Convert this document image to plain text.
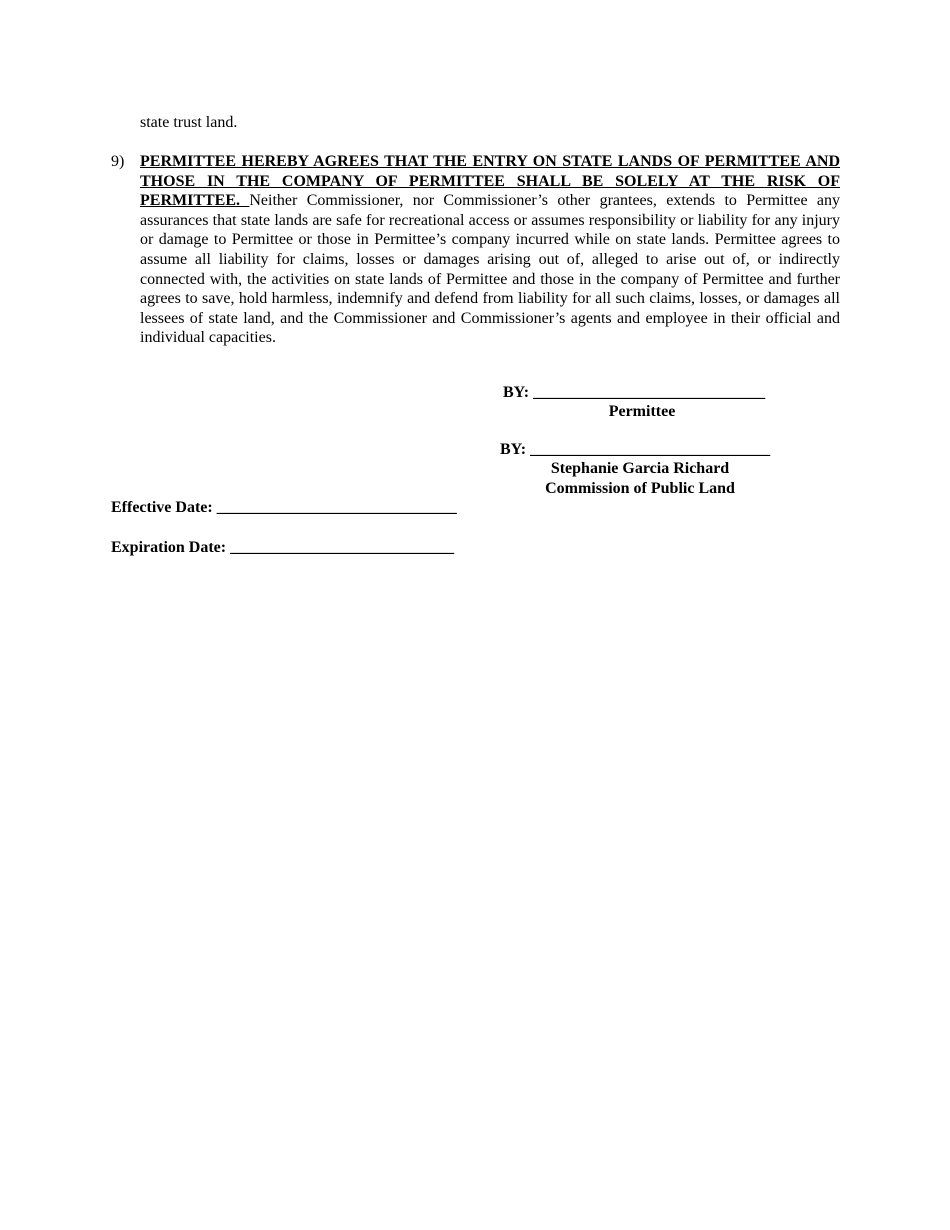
state trust land.

9) PERMITTEE HEREBY AGREES THAT THE ENTRY ON STATE LANDS OF PERMITTEE AND THOSE IN THE COMPANY OF PERMITTEE SHALL BE SOLELY AT THE RISK OF PERMITTEE. Neither Commissioner, nor Commissioner’s other grantees, extends to Permittee any assurances that state lands are safe for recreational access or assumes responsibility or liability for any injury or damage to Permittee or those in Permittee’s company incurred while on state lands. Permittee agrees to assume all liability for claims, losses or damages arising out of, alleged to arise out of, or indirectly connected with, the activities on state lands of Permittee and those in the company of Permittee and further agrees to save, hold harmless, indemnify and defend from liability for all such claims, losses, or damages all lessees of state land, and the Commissioner and Commissioner’s agents and employee in their official and individual capacities.

BY: _____________________________
Permittee
BY: ______________________________
Stephanie Garcia Richard
Commission of Public Land
Effective Date: ______________________________
Expiration Date: ____________________________
